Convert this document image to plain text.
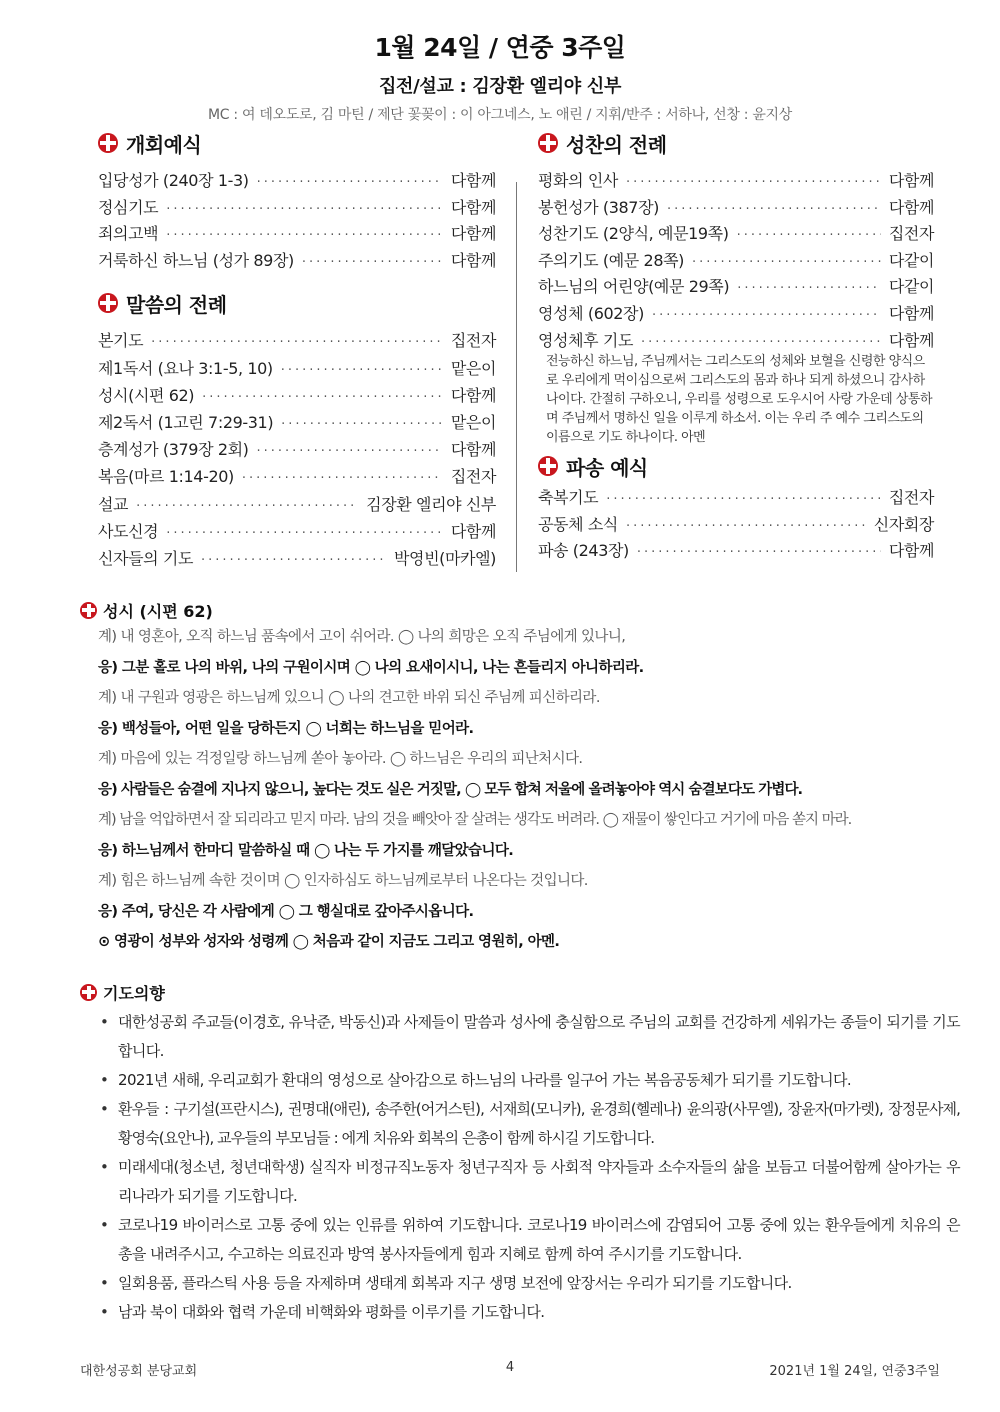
1월 24일 / 연중 3주일
집전/설교 : 김장환 엘리야 신부
MC : 여 데오도로, 김 마틴 / 제단 꽃꽂이 : 이 아그네스, 노 애린 / 지휘/반주 : 서하나, 선창 : 윤지상
개회예식
입당성가 (240장 1-3) ·····	다함께
정심기도 ·····	다함께
죄의고백 ·····	다함께
거룩하신 하느님 (성가 89장) ·····	다함께
말씀의 전례
본기도 ·····	집전자
제1독서 (요나 3:1-5, 10) ·····	맡은이
성시(시편 62) ·····	다함께
제2독서 (1고린 7:29-31) ·····	맡은이
층계성가 (379장 2회) ·····	다함께
복음(마르 1:14-20) ·····	집전자
설교 ·····	김장환 엘리야 신부
사도신경 ·····	다함께
신자들의 기도 ·····	박영빈(마카엘)
성찬의 전례
평화의 인사 ·····	다함께
봉헌성가 (387장) ·····	다함께
성찬기도 (2양식, 예문19쪽) ·····	집전자
주의기도 (예문 28쪽) ·····	다같이
하느님의 어린양(예문 29쪽) ·····	다같이
영성체 (602장) ·····	다함께
영성체후 기도 ·····	다함께
전능하신 하느님, 주님께서는 그리스도의 성체와 보혈을 신령한 양식으로 우리에게 먹이심으로써 그리스도의 몸과 하나 되게 하셨으니 감사하나이다. 간절히 구하오니, 우리를 성령으로 도우시어 사랑 가운데 상통하며 주님께서 명하신 일을 이루게 하소서. 이는 우리 주 예수 그리스도의 이름으로 기도 하나이다. 아멘
파송 예식
축복기도 ·····	집전자
공동체 소식 ·····	신자회장
파송 (243장) ·····	다함께
성시 (시편 62)
계) 내 영혼아, 오직 하느님 품속에서 고이 쉬어라. ◯ 나의 희망은 오직 주님에게 있나니,
응) 그분 홀로 나의 바위, 나의 구원이시며 ◯ 나의 요새이시니, 나는 흔들리지 아니하리라.
계) 내 구원과 영광은 하느님께 있으니 ◯ 나의 견고한 바위 되신 주님께 피신하리라.
응) 백성들아, 어떤 일을 당하든지 ◯ 너희는 하느님을 믿어라.
계) 마음에 있는 걱정일랑 하느님께 쏟아 놓아라. ◯ 하느님은 우리의 피난처시다.
응) 사람들은 숨결에 지나지 않으니, 높다는 것도 실은 거짓말, ◯ 모두 합쳐 저울에 올려놓아야 역시 숨결보다도 가볍다.
계) 남을 억압하면서 잘 되리라고 믿지 마라. 남의 것을 빼앗아 잘 살려는 생각도 버려라. ◯ 재물이 쌓인다고 거기에 마음 쏟지 마라.
응) 하느님께서 한마디 말씀하실 때 ◯ 나는 두 가지를 깨달았습니다.
계) 힘은 하느님께 속한 것이며 ◯ 인자하심도 하느님께로부터 나온다는 것입니다.
응) 주여, 당신은 각 사람에게 ◯ 그 행실대로 갚아주시옵니다.
⊙ 영광이 성부와 성자와 성령께 ◯ 처음과 같이 지금도 그리고 영원히, 아멘.
기도의향
• 대한성공회 주교들(이경호, 유낙준, 박동신)과 사제들이 말씀과 성사에 충실함으로 주님의 교회를 건강하게 세워가는 종들이 되기를 기도합니다.
• 2021년 새해, 우리교회가 환대의 영성으로 살아감으로 하느님의 나라를 일구어 가는 복음공동체가 되기를 기도합니다.
• 환우들 : 구기설(프란시스), 권명대(애린), 송주한(어거스틴), 서재희(모니카), 윤경희(헬레나) 윤의광(사무엘), 장윤자(마가렛), 장정문사제, 황영숙(요안나), 교우들의 부모님들 : 에게 치유와 회복의 은총이 함께 하시길 기도합니다.
• 미래세대(청소년, 청년대학생) 실직자 비정규직노동자 청년구직자 등 사회적 약자들과 소수자들의 삶을 보듬고 더불어함께 살아가는 우리나라가 되기를 기도합니다.
• 코로나19 바이러스로 고통 중에 있는 인류를 위하여 기도합니다. 코로나19 바이러스에 감염되어 고통 중에 있는 환우들에게 치유의 은총을 내려주시고, 수고하는 의료진과 방역 봉사자들에게 힘과 지혜로 함께 하여 주시기를 기도합니다.
• 일회용품, 플라스틱 사용 등을 자제하며 생태계 회복과 지구 생명 보전에 앞장서는 우리가 되기를 기도합니다.
• 남과 북이 대화와 협력 가운데 비핵화와 평화를 이루기를 기도합니다.
대한성공회 분당교회	4	2021년 1월 24일, 연중3주일
